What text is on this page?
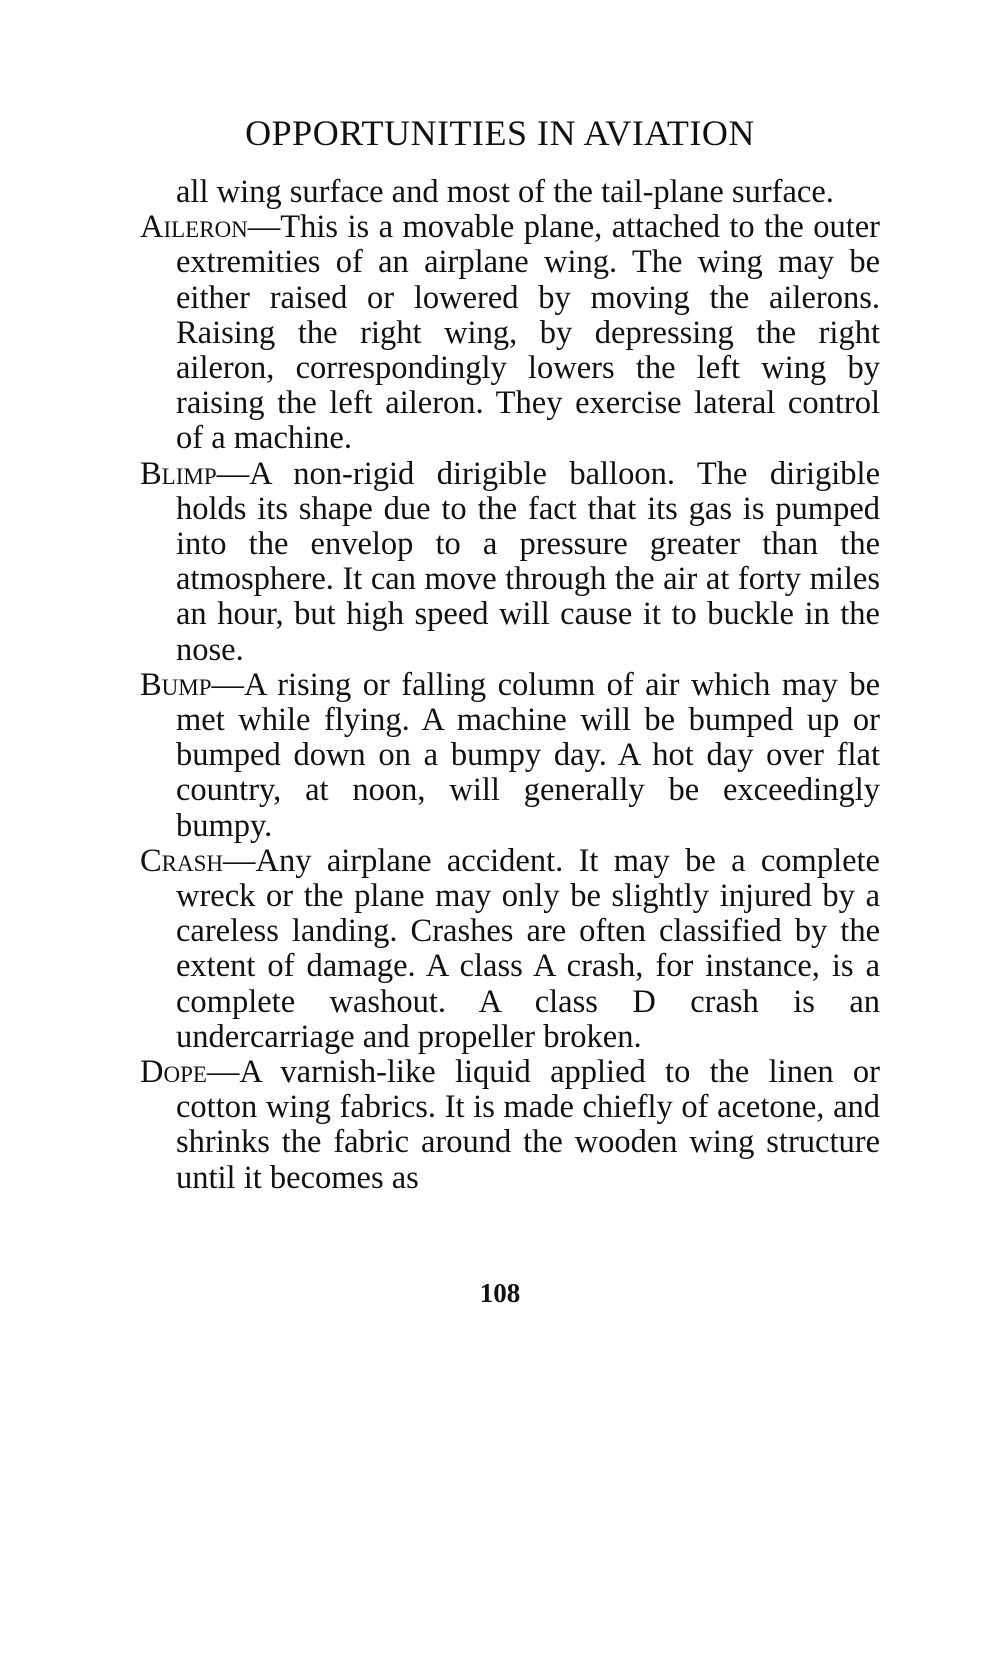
OPPORTUNITIES IN AVIATION

all wing surface and most of the tail-plane surface.

Aileron—This is a movable plane, attached to the outer extremities of an airplane wing. The wing may be either raised or lowered by moving the ailerons. Raising the right wing, by depressing the right aileron, correspondingly lowers the left wing by raising the left aileron. They exercise lateral control of a machine.

Blimp—A non-rigid dirigible balloon. The dirigible holds its shape due to the fact that its gas is pumped into the envelop to a pressure greater than the atmosphere. It can move through the air at forty miles an hour, but high speed will cause it to buckle in the nose.

Bump—A rising or falling column of air which may be met while flying. A machine will be bumped up or bumped down on a bumpy day. A hot day over flat country, at noon, will generally be exceedingly bumpy.

Crash—Any airplane accident. It may be a complete wreck or the plane may only be slightly injured by a careless landing. Crashes are often classified by the extent of damage. A class A crash, for instance, is a complete washout. A class D crash is an undercarriage and propeller broken.

Dope—A varnish-like liquid applied to the linen or cotton wing fabrics. It is made chiefly of acetone, and shrinks the fabric around the wooden wing structure until it becomes as

108
